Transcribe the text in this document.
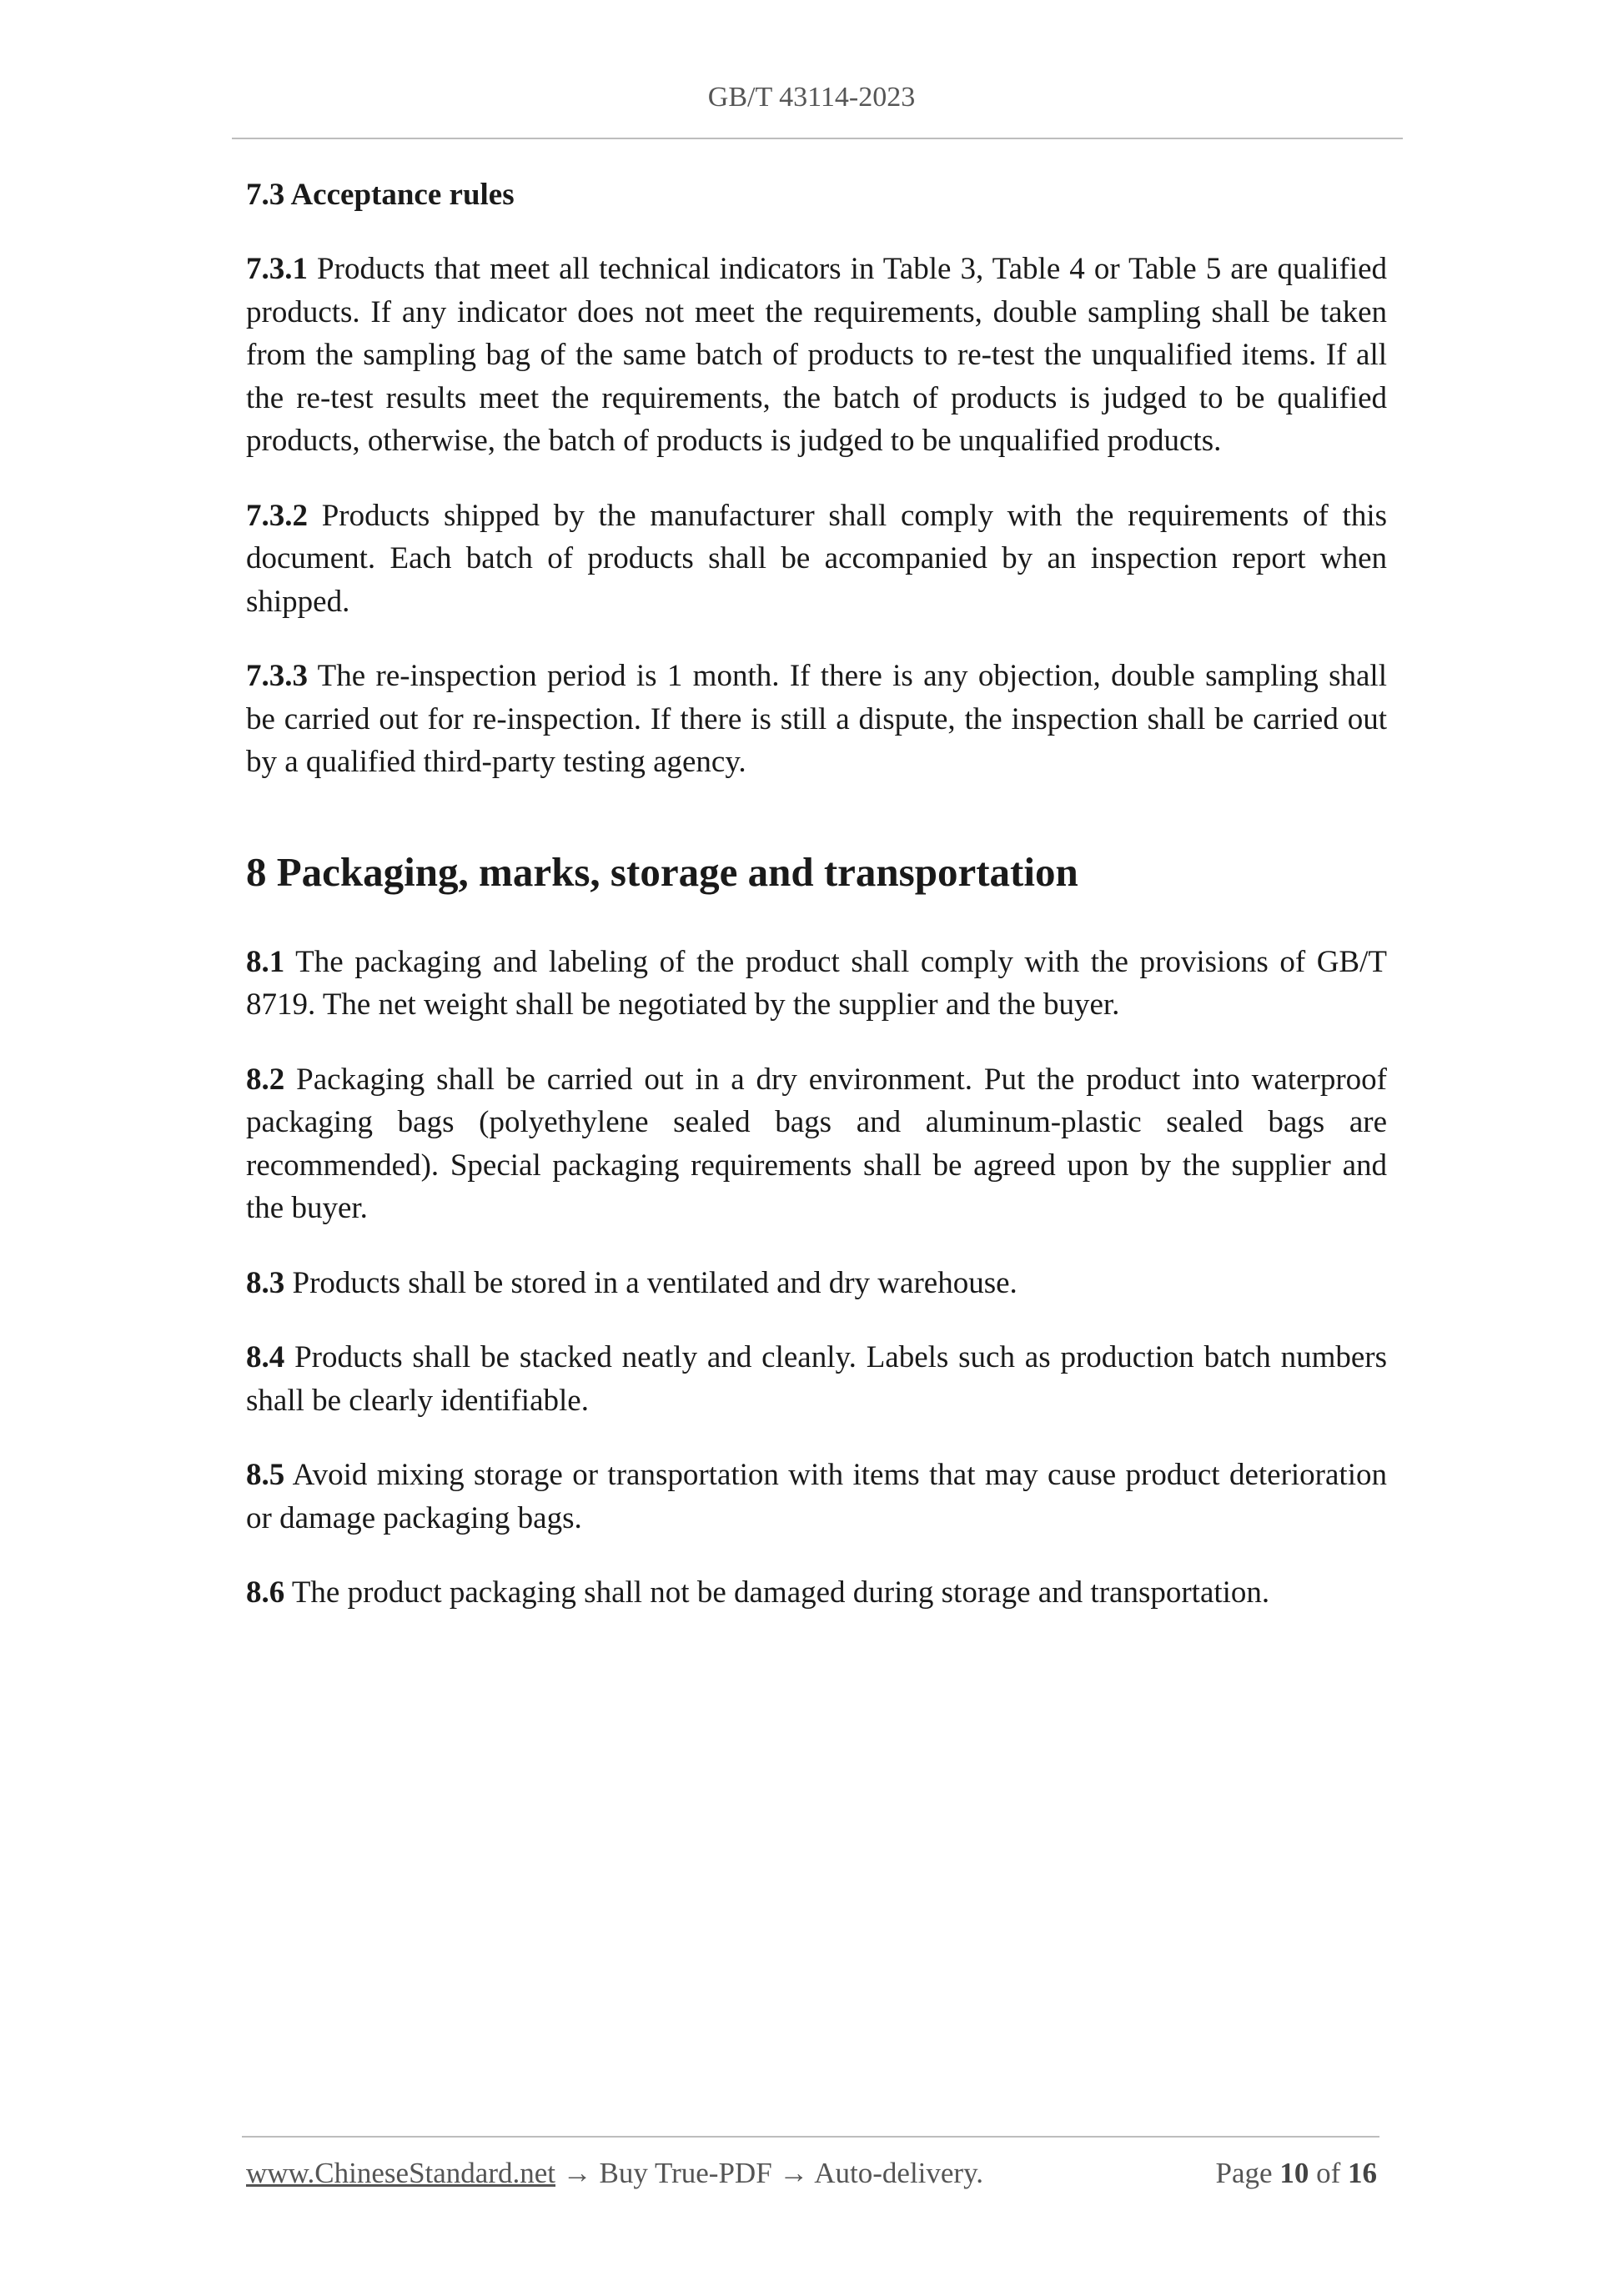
GB/T 43114-2023
7.3 Acceptance rules

7.3.1 Products that meet all technical indicators in Table 3, Table 4 or Table 5 are qualified products. If any indicator does not meet the requirements, double sampling shall be taken from the sampling bag of the same batch of products to re-test the unqualified items. If all the re-test results meet the requirements, the batch of products is judged to be qualified products, otherwise, the batch of products is judged to be unqualified products.

7.3.2 Products shipped by the manufacturer shall comply with the requirements of this document. Each batch of products shall be accompanied by an inspection report when shipped.

7.3.3 The re-inspection period is 1 month. If there is any objection, double sampling shall be carried out for re-inspection. If there is still a dispute, the inspection shall be carried out by a qualified third-party testing agency.

8 Packaging, marks, storage and transportation

8.1 The packaging and labeling of the product shall comply with the provisions of GB/T 8719. The net weight shall be negotiated by the supplier and the buyer.

8.2 Packaging shall be carried out in a dry environment. Put the product into waterproof packaging bags (polyethylene sealed bags and aluminum-plastic sealed bags are recommended). Special packaging requirements shall be agreed upon by the supplier and the buyer.

8.3 Products shall be stored in a ventilated and dry warehouse.

8.4 Products shall be stacked neatly and cleanly. Labels such as production batch numbers shall be clearly identifiable.

8.5 Avoid mixing storage or transportation with items that may cause product deterioration or damage packaging bags.

8.6 The product packaging shall not be damaged during storage and transportation.

www.ChineseStandard.net → Buy True-PDF → Auto-delivery.	Page 10 of 16
